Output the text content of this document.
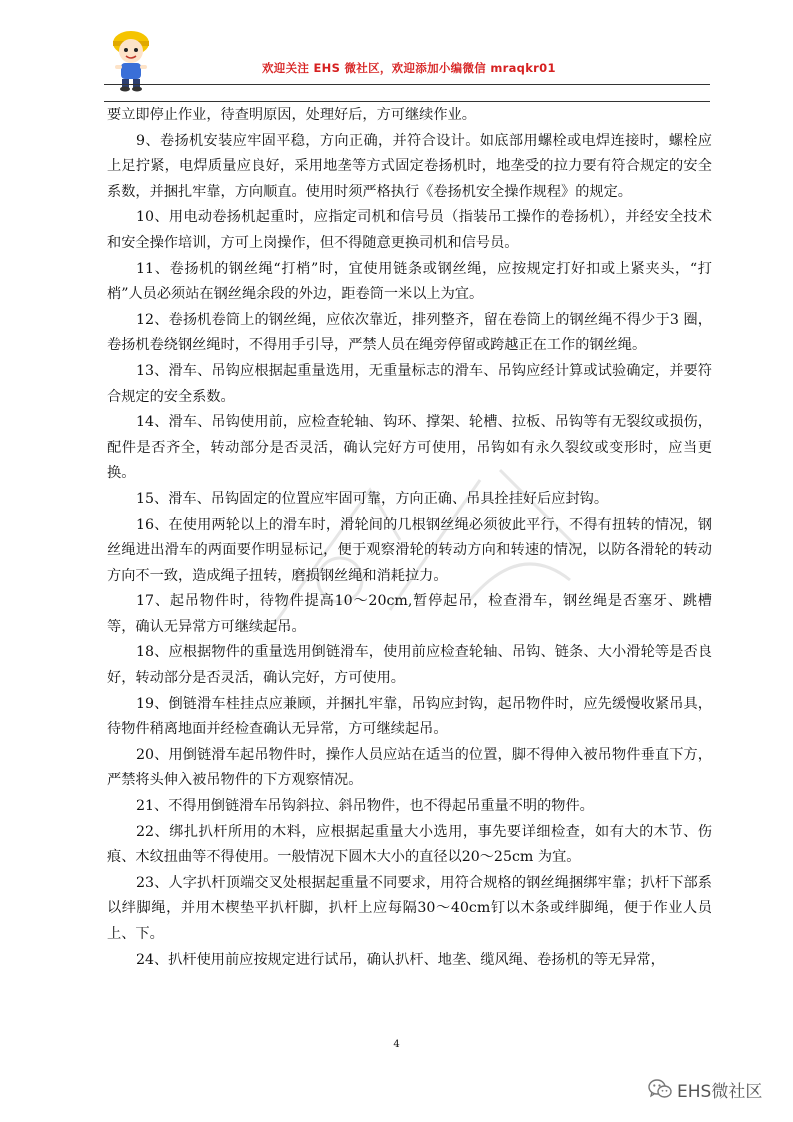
欢迎关注 EHS 微社区，欢迎添加小编微信 mraqkr01

要立即停止作业，待查明原因，处理好后，方可继续作业。

9、卷扬机安装应牢固平稳，方向正确，并符合设计。如底部用螺栓或电焊连接时，螺栓应上足拧紧，电焊质量应良好，采用地垄等方式固定卷扬机时，地垄受的拉力要有符合规定的安全系数，并捆扎牢靠，方向顺直。使用时须严格执行《卷扬机安全操作规程》的规定。

10、用电动卷扬机起重时，应指定司机和信号员（指装吊工操作的卷扬机），并经安全技术和安全操作培训，方可上岗操作，但不得随意更换司机和信号员。

11、卷扬机的钢丝绳“打梢”时，宜使用链条或钢丝绳，应按规定打好扣或上紧夹头，“打梢”人员必须站在钢丝绳余段的外边，距卷筒一米以上为宜。

12、卷扬机卷筒上的钢丝绳，应依次靠近，排列整齐，留在卷筒上的钢丝绳不得少于3 圈，卷扬机卷绕钢丝绳时，不得用手引导，严禁人员在绳旁停留或跨越正在工作的钢丝绳。

13、滑车、吊钩应根据起重量选用，无重量标志的滑车、吊钩应经计算或试验确定，并要符合规定的安全系数。

14、滑车、吊钩使用前，应检查轮轴、钩环、撑架、轮槽、拉板、吊钩等有无裂纹或损伤，配件是否齐全，转动部分是否灵活，确认完好方可使用，吊钩如有永久裂纹或变形时，应当更换。

15、滑车、吊钩固定的位置应牢固可靠，方向正确、吊具拴挂好后应封钩。

16、在使用两轮以上的滑车时，滑轮间的几根钢丝绳必须彼此平行，不得有扭转的情况，钢丝绳进出滑车的两面要作明显标记，便于观察滑轮的转动方向和转速的情况，以防各滑轮的转动方向不一致，造成绳子扭转，磨损钢丝绳和消耗拉力。

17、起吊物件时，待物件提高10～20cm,暂停起吊，检查滑车，钢丝绳是否塞牙、跳槽等，确认无异常方可继续起吊。

18、应根据物件的重量选用倒链滑车，使用前应检查轮轴、吊钩、链条、大小滑轮等是否良好，转动部分是否灵活，确认完好，方可使用。

19、倒链滑车桂挂点应兼顾，并捆扎牢靠，吊钩应封钩，起吊物件时，应先缓慢收紧吊具，待物件稍离地面并经检查确认无异常，方可继续起吊。

20、用倒链滑车起吊物件时，操作人员应站在适当的位置，脚不得伸入被吊物件垂直下方，严禁将头伸入被吊物件的下方观察情况。

21、不得用倒链滑车吊钩斜拉、斜吊物件，也不得起吊重量不明的物件。

22、绑扎扒杆所用的木料，应根据起重量大小选用，事先要详细检查，如有大的木节、伤痕、木纹扭曲等不得使用。一般情况下圆木大小的直径以20～25cm 为宜。

23、人字扒杆顶端交叉处根据起重量不同要求，用符合规格的钢丝绳捆绑牢靠；扒杆下部系以绊脚绳，并用木楔垫平扒杆脚，扒杆上应每隔30～40cm钉以木条或绊脚绳，便于作业人员上、下。

24、扒杆使用前应按规定进行试吊，确认扒杆、地垄、缆风绳、卷扬机的等无异常，

4
EHS微社区
